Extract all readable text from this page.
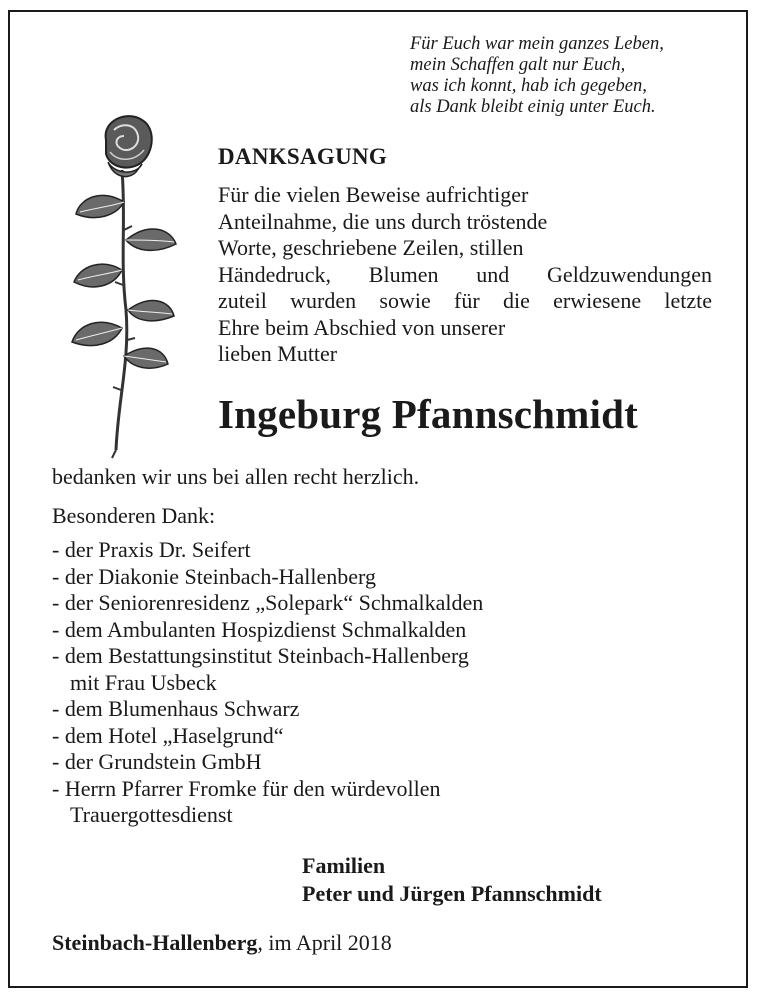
Für Euch war mein ganzes Leben,
mein Schaffen galt nur Euch,
was ich konnt, hab ich gegeben,
als Dank bleibt einig unter Euch.
DANKSAGUNG
Für die vielen Beweise aufrichtiger
Anteilnahme, die uns durch tröstende
Worte, geschriebene Zeilen, stillen
Händedruck, Blumen und Geldzuwendungen
zuteil wurden sowie für die erwiesene letzte
Ehre beim Abschied von unserer
lieben Mutter
Ingeburg Pfannschmidt
bedanken wir uns bei allen recht herzlich.
Besonderen Dank:
- der Praxis Dr. Seifert
- der Diakonie Steinbach-Hallenberg
- der Seniorenresidenz „Solepark“ Schmalkalden
- dem Ambulanten Hospizdienst Schmalkalden
- dem Bestattungsinstitut Steinbach-Hallenberg
mit Frau Usbeck
- dem Blumenhaus Schwarz
- dem Hotel „Haselgrund“
- der Grundstein GmbH
- Herrn Pfarrer Fromke für den würdevollen
Trauergottesdienst
Familien
Peter und Jürgen Pfannschmidt
Steinbach-Hallenberg, im April 2018
